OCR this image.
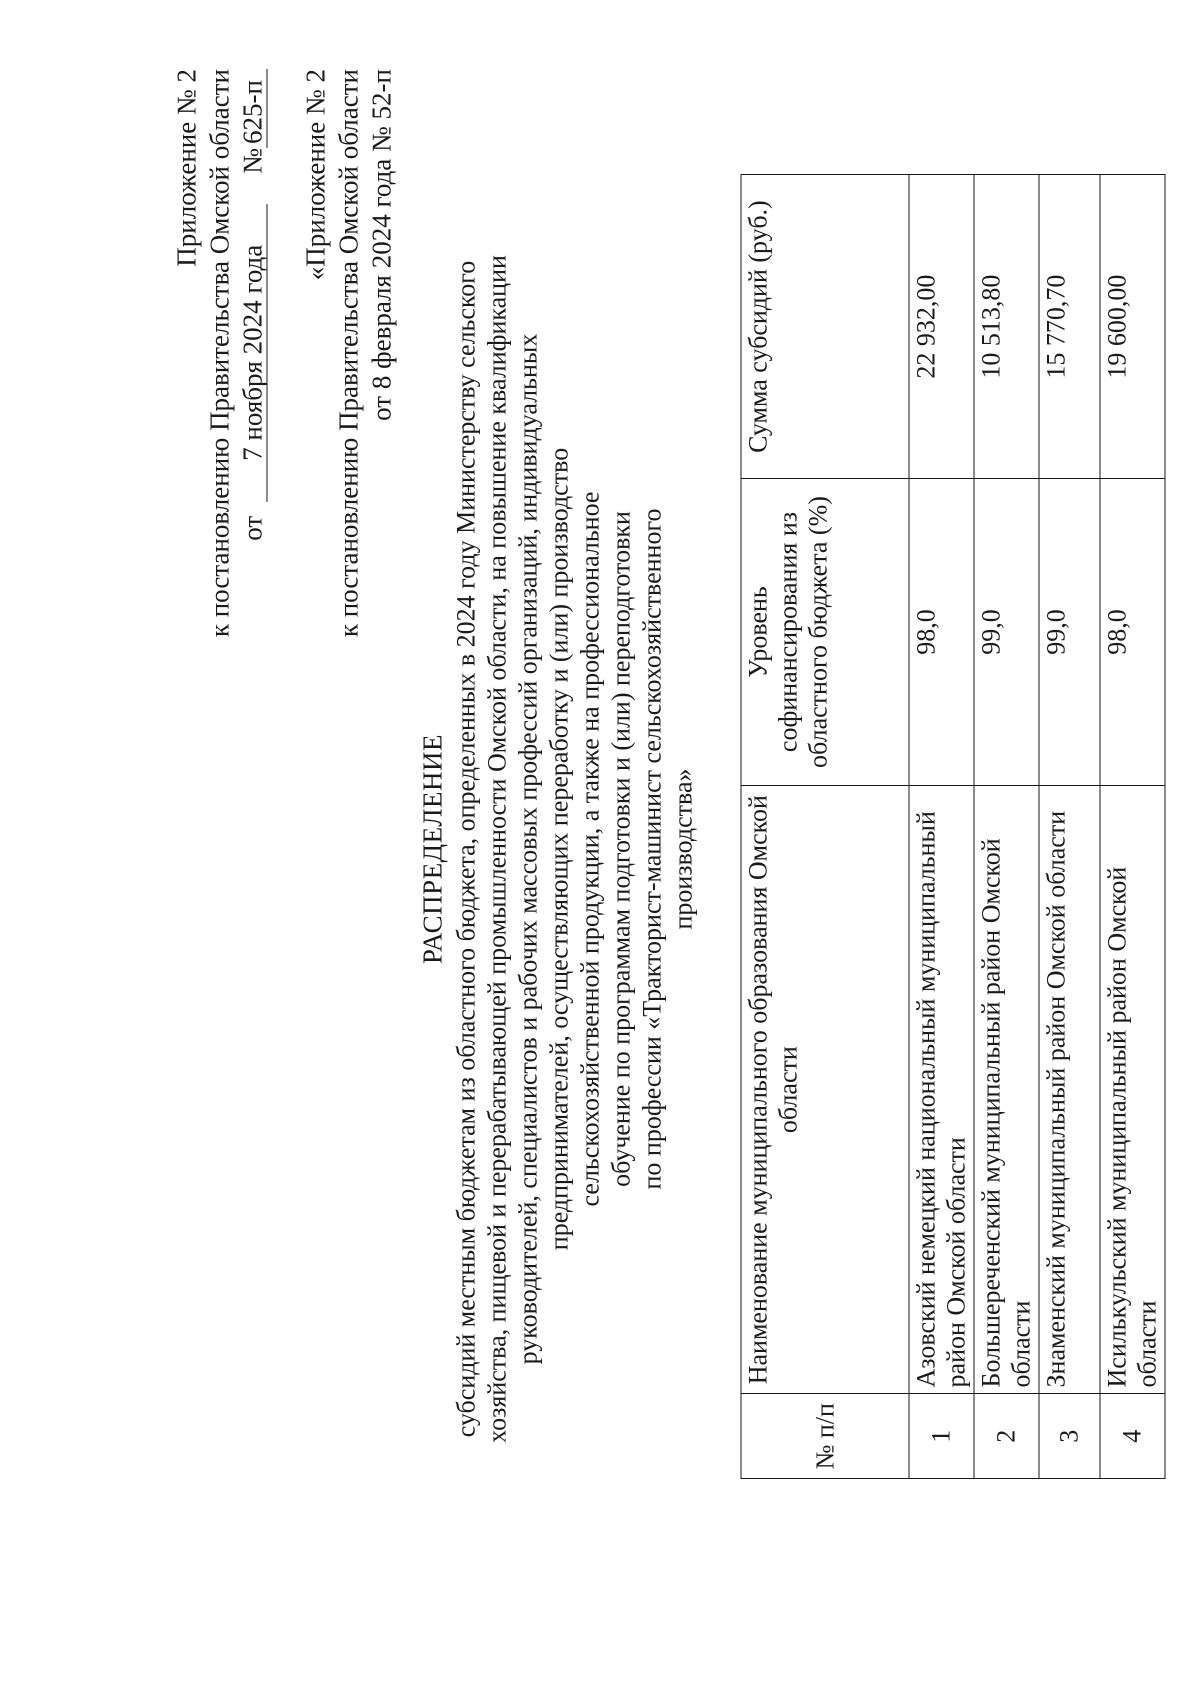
Приложение № 2 к постановлению Правительства Омской области от7 ноября 2024 года№625-п «Приложение № 2 к постановлению Правительства Омской области от 8 февраля 2024 года № 52-п
РАСПРЕДЕЛЕНИЕ субсидий местным бюджетам из областного бюджета, определенных в 2024 году Министерству сельского хозяйства, пищевой и перерабатывающей промышленности Омской области, на повышение квалификации руководителей, специалистов и рабочих массовых профессий организаций, индивидуальных предпринимателей, осуществляющих переработку и (или) производство сельскохозяйственной продукции, а также на профессиональное обучение по программам подготовки и (или) переподготовки по профессии «Тракторист-машинист сельскохозяйственного производства»
№ п/п	Наименование муниципального образования Омской области	Уровень софинансирования из областного бюджета (%)	Сумма субсидий (руб.)
1	Азовский немецкий национальный муниципальный район Омской области	98,0	22 932,00
2	Большереченский муниципальный район Омской области	99,0	10 513,80
3	Знаменский муниципальный район Омской области	99,0	15 770,70
4	Исилькульский муниципальный район Омской области	98,0	19 600,00
